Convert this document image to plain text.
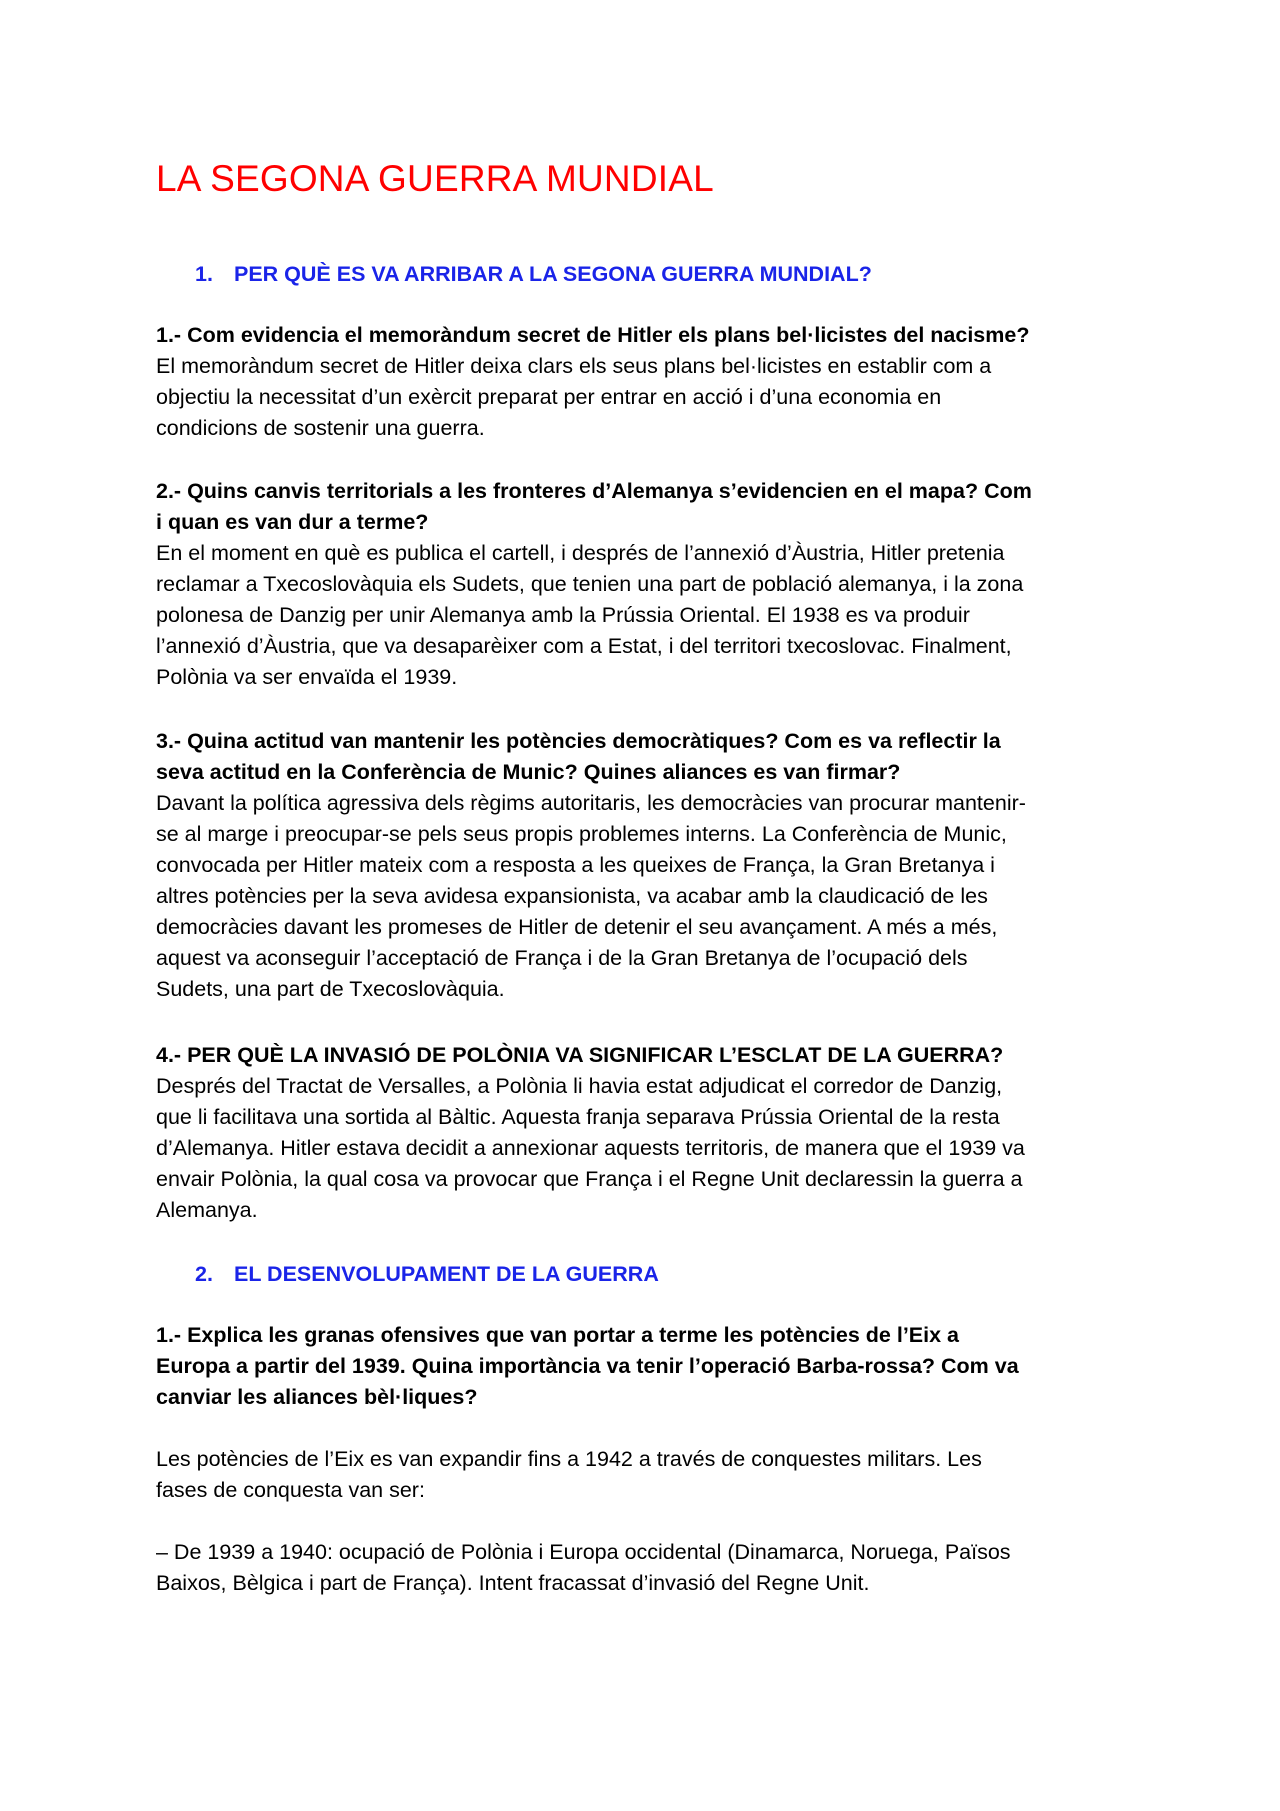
LA SEGONA GUERRA MUNDIAL
1. PER QUÈ ES VA ARRIBAR A LA SEGONA GUERRA MUNDIAL?

1.- Com evidencia el memoràndum secret de Hitler els plans bel·licistes del nacisme?

El memoràndum secret de Hitler deixa clars els seus plans bel·licistes en establir com a
objectiu la necessitat d’un exèrcit preparat per entrar en acció i d’una economia en
condicions de sostenir una guerra.

2.- Quins canvis territorials a les fronteres d’Alemanya s’evidencien en el mapa? Com
i quan es van dur a terme?

En el moment en què es publica el cartell, i després de l’annexió d’Àustria, Hitler pretenia
reclamar a Txecoslovàquia els Sudets, que tenien una part de població alemanya, i la zona
polonesa de Danzig per unir Alemanya amb la Prússia Oriental. El 1938 es va produir
l’annexió d’Àustria, que va desaparèixer com a Estat, i del territori txecoslovac. Finalment,
Polònia va ser envaïda el 1939.

3.- Quina actitud van mantenir les potències democràtiques? Com es va reflectir la
seva actitud en la Conferència de Munic? Quines aliances es van firmar?

Davant la política agressiva dels règims autoritaris, les democràcies van procurar mantenir-
se al marge i preocupar-se pels seus propis problemes interns. La Conferència de Munic,
convocada per Hitler mateix com a resposta a les queixes de França, la Gran Bretanya i
altres potències per la seva avidesa expansionista, va acabar amb la claudicació de les
democràcies davant les promeses de Hitler de detenir el seu avançament. A més a més,
aquest va aconseguir l’acceptació de França i de la Gran Bretanya de l’ocupació dels
Sudets, una part de Txecoslovàquia.

4.- PER QUÈ LA INVASIÓ DE POLÒNIA VA SIGNIFICAR L’ESCLAT DE LA GUERRA?

Després del Tractat de Versalles, a Polònia li havia estat adjudicat el corredor de Danzig,
que li facilitava una sortida al Bàltic. Aquesta franja separava Prússia Oriental de la resta
d’Alemanya. Hitler estava decidit a annexionar aquests territoris, de manera que el 1939 va
envair Polònia, la qual cosa va provocar que França i el Regne Unit declaressin la guerra a
Alemanya.

2. EL DESENVOLUPAMENT DE LA GUERRA

1.- Explica les granas ofensives que van portar a terme les potències de l’Eix a
Europa a partir del 1939. Quina importància va tenir l’operació Barba-rossa? Com va
canviar les aliances bèl·liques?

Les potències de l’Eix es van expandir fins a 1942 a través de conquestes militars. Les
fases de conquesta van ser:

– De 1939 a 1940: ocupació de Polònia i Europa occidental (Dinamarca, Noruega, Països
Baixos, Bèlgica i part de França). Intent fracassat d’invasió del Regne Unit.
